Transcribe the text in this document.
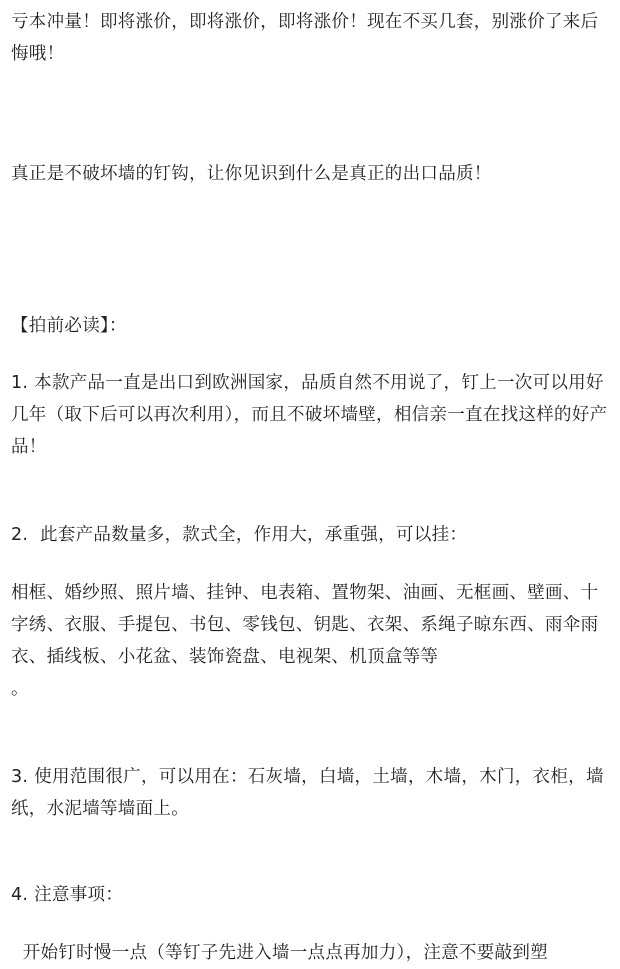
亏本冲量！即将涨价，即将涨价，即将涨价！现在不买几套，别涨价了来后悔哦！

真正是不破坏墙的钉钩，让你见识到什么是真正的出口品质！

【拍前必读】：

1. 本款产品一直是出口到欧洲国家，品质自然不用说了，钉上一次可以用好几年（取下后可以再次利用），而且不破坏墙壁，相信亲一直在找这样的好产品！

2.  此套产品数量多，款式全，作用大，承重强，可以挂：

相框、婚纱照、照片墙、挂钟、电表箱、置物架、油画、无框画、壁画、十字绣、衣服、手提包、书包、零钱包、钥匙、衣架、系绳子晾东西、雨伞雨衣、插线板、小花盆、装饰瓷盘、电视架、机顶盒等等

。

3. 使用范围很广，可以用在：石灰墙，白墙，土墙，木墙，木门，衣柜，墙纸，水泥墙等墙面上。

4. 注意事项：

开始钉时慢一点（等钉子先进入墙一点点再加力），注意不要敲到塑
